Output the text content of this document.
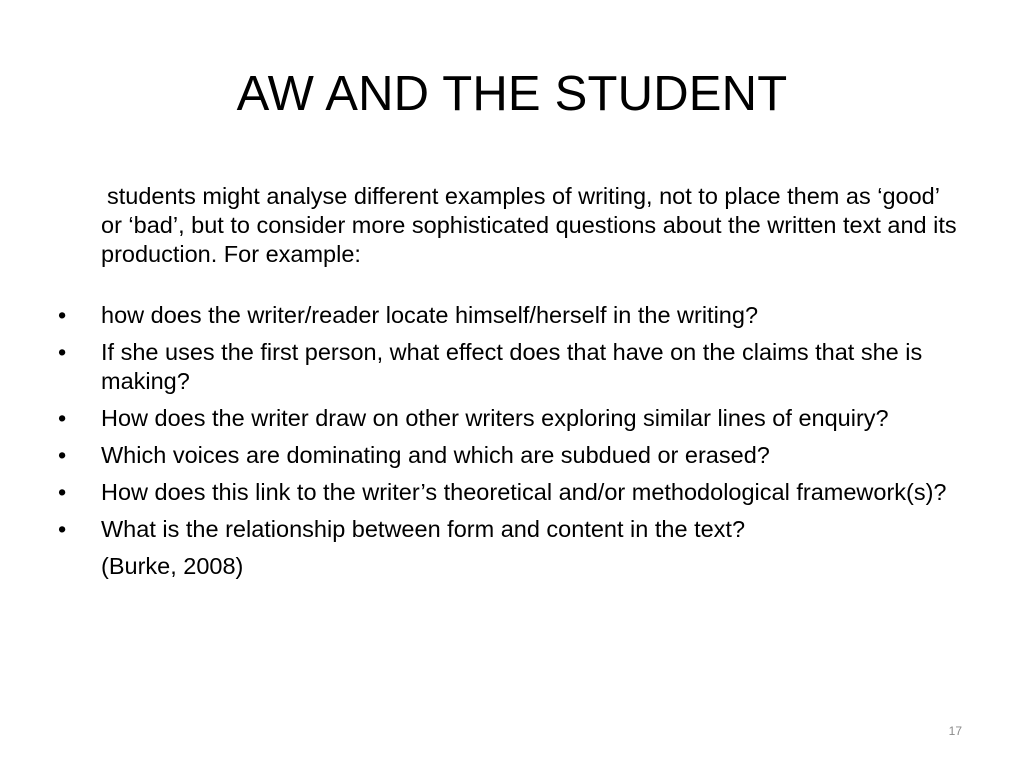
AW AND THE STUDENT

students might analyse different examples of writing, not to place them as ‘good’ or ‘bad’, but to consider more sophisticated questions about the written text and its production. For example:

•	how does the writer/reader locate himself/herself in the writing?
•	If she uses the first person, what effect does that have on the claims that she is making?
•	How does the writer draw on other writers exploring similar lines of enquiry?
•	Which voices are dominating and which are subdued or erased?
•	How does this link to the writer’s theoretical and/or methodological framework(s)?
•	What is the relationship between form and content in the text?

(Burke, 2008)

17
